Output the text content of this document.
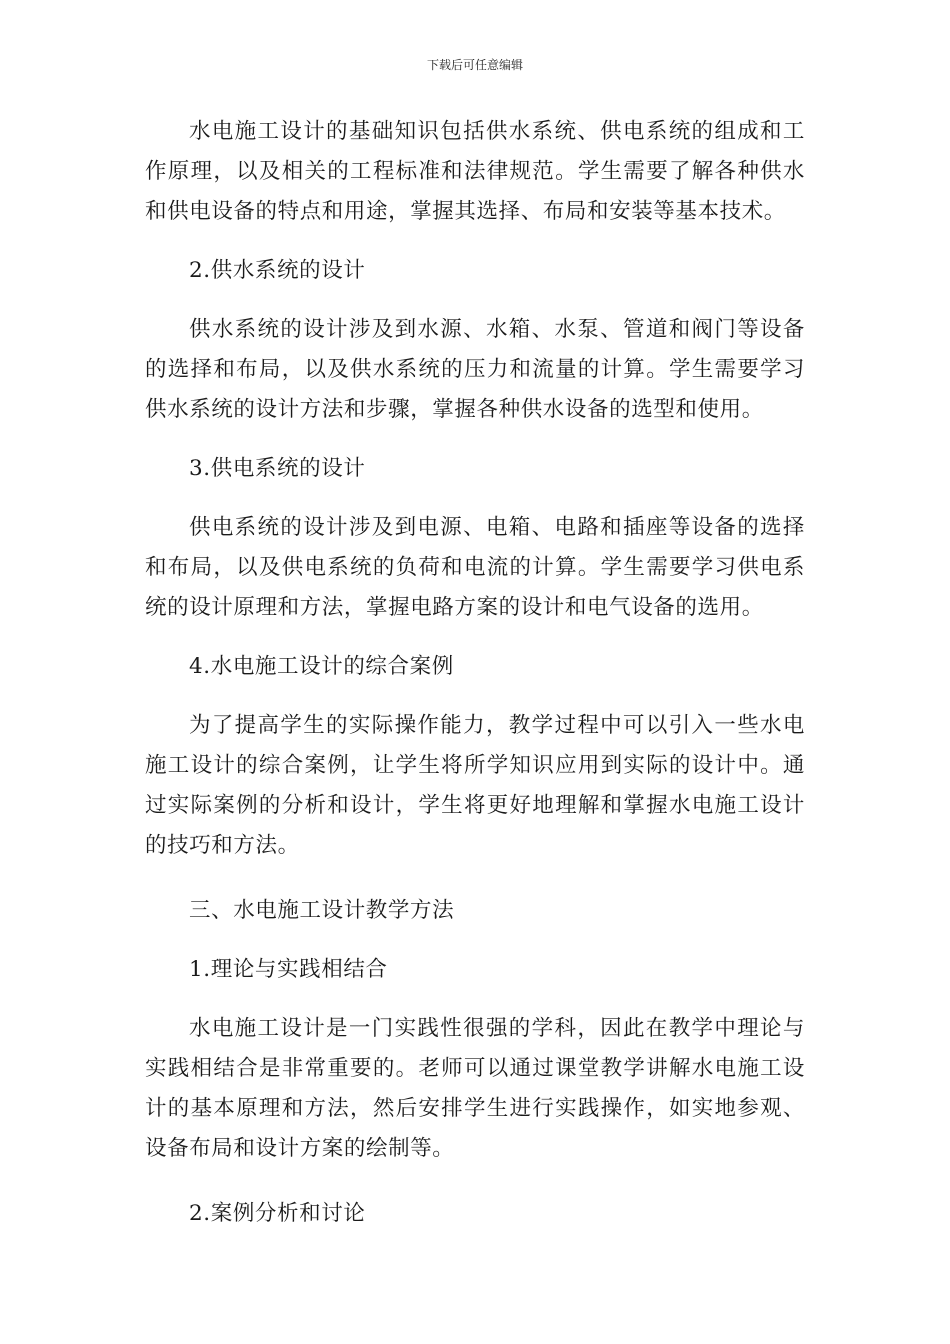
下载后可任意编辑

水电施工设计的基础知识包括供水系统、供电系统的组成和工作原理，以及相关的工程标准和法律规范。学生需要了解各种供水和供电设备的特点和用途，掌握其选择、布局和安装等基本技术。

2.供水系统的设计

供水系统的设计涉及到水源、水箱、水泵、管道和阀门等设备的选择和布局，以及供水系统的压力和流量的计算。学生需要学习供水系统的设计方法和步骤，掌握各种供水设备的选型和使用。

3.供电系统的设计

供电系统的设计涉及到电源、电箱、电路和插座等设备的选择和布局，以及供电系统的负荷和电流的计算。学生需要学习供电系统的设计原理和方法，掌握电路方案的设计和电气设备的选用。

4.水电施工设计的综合案例

为了提高学生的实际操作能力，教学过程中可以引入一些水电施工设计的综合案例，让学生将所学知识应用到实际的设计中。通过实际案例的分析和设计，学生将更好地理解和掌握水电施工设计的技巧和方法。

三、水电施工设计教学方法

1.理论与实践相结合

水电施工设计是一门实践性很强的学科，因此在教学中理论与实践相结合是非常重要的。老师可以通过课堂教学讲解水电施工设计的基本原理和方法，然后安排学生进行实践操作，如实地参观、设备布局和设计方案的绘制等。

2.案例分析和讨论
